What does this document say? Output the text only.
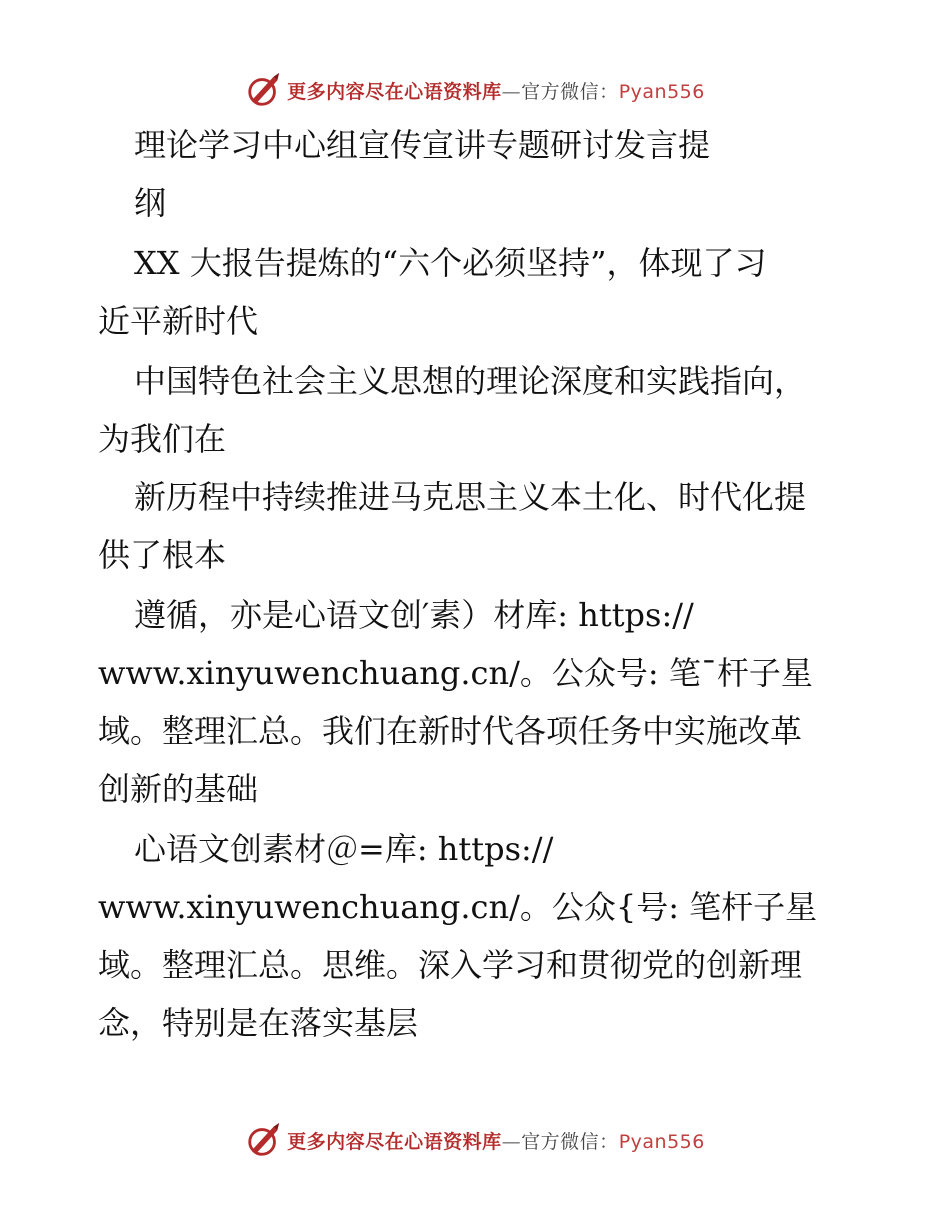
更多内容尽在心语资料库—官方微信：Pyan556
理论学习中心组宣传宣讲专题研讨发言提
纲
XX 大报告提炼的“六个必须坚持”，体现了习
近平新时代
中国特色社会主义思想的理论深度和实践指向，
为我们在
新历程中持续推进马克思主义本土化、时代化提
供了根本
遵循，亦是心语文创′素）材库: https://
www.xinyuwenchuang.cn/。公众号: 笔¯杆子星
域。整理汇总。我们在新时代各项任务中实施改革
创新的基础
心语文创素材＠=库: https://
www.xinyuwenchuang.cn/。公众{号: 笔杆子星
域。整理汇总。思维。深入学习和贯彻党的创新理
念，特别是在落实基层
更多内容尽在心语资料库—官方微信：Pyan556
